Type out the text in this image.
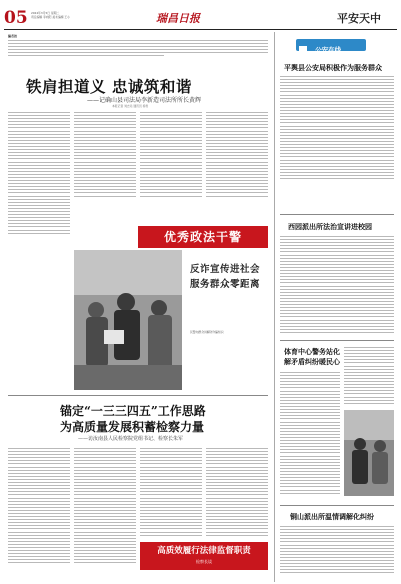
05 2024年3月5日 星期二
责任编辑 李向阳 美术编辑 王小	瑞昌日报	平安天中
编者按
铁肩担道义 忠诚筑和谐
——记确山县司法局李新造司法所所长黄辉
本报记者 刘志远 通讯员 杨雪
优秀政法干警
反诈宣传进社会服务群众零距离
民警向群众讲解防诈骗知识
锚定“一三三四五”工作思路
为高质量发展积蓄检察力量
——访汝南县人民检察院党组书记、检察长朱军
高质效履行法律监督职责
检察长谈
公安在线
平舆县公安局积极作为服务群众
西园派出所法治宣讲进校园
体育中心警务站化解矛盾纠纷暖民心
铜山派出所温情调解化纠纷
